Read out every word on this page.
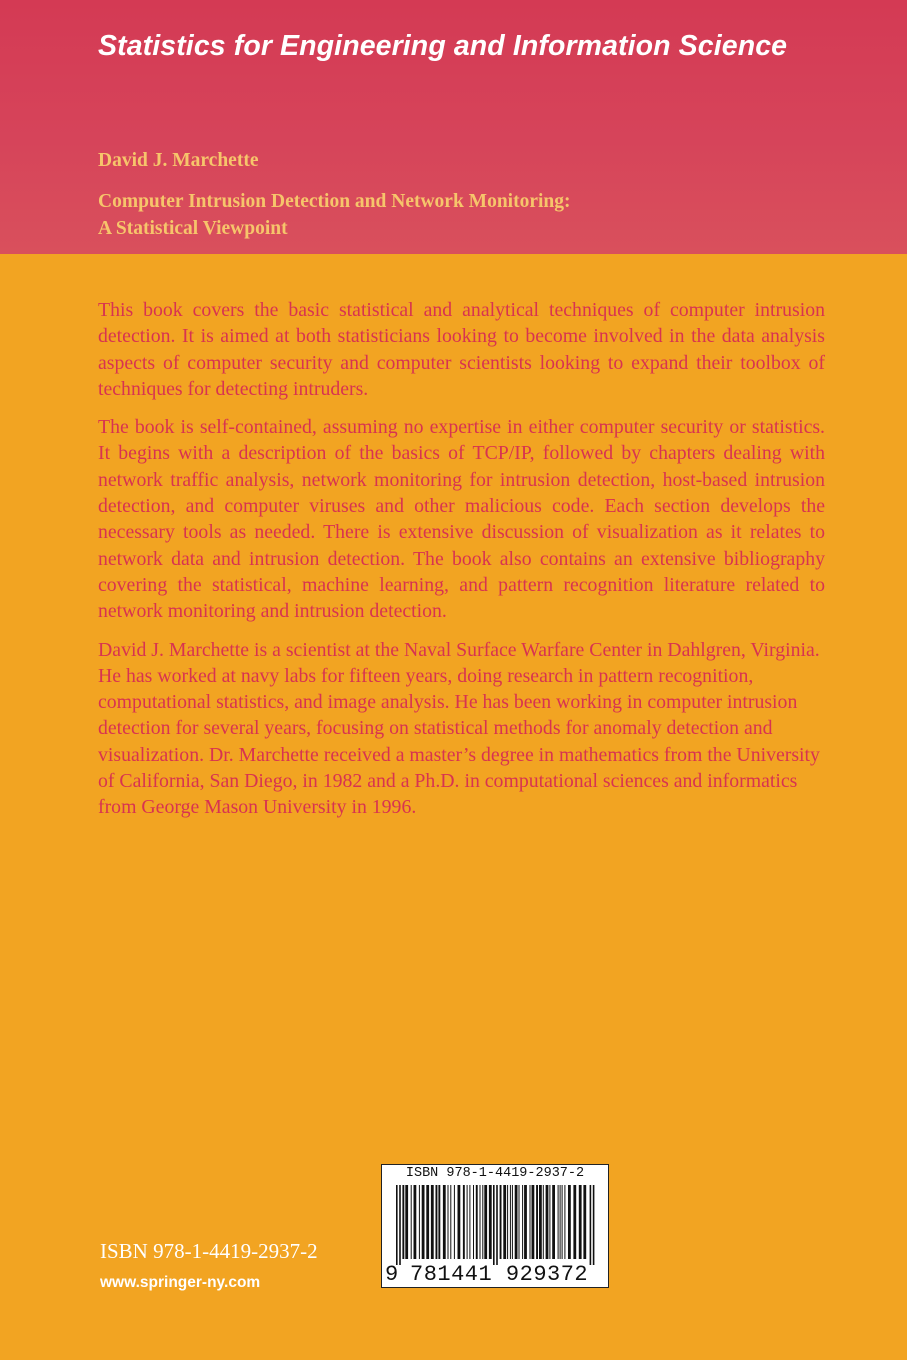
Statistics for Engineering and Information Science
David J. Marchette
Computer Intrusion Detection and Network Monitoring:
A Statistical Viewpoint

This book covers the basic statistical and analytical techniques of computer intrusion detection. It is aimed at both statisticians looking to become involved in the data analysis aspects of computer security and computer scientists looking to expand their toolbox of techniques for detecting intruders.

The book is self-contained, assuming no expertise in either computer security or statistics. It begins with a description of the basics of TCP/IP, followed by chapters dealing with network traffic analysis, network monitoring for intrusion detection, host-based intrusion detection, and computer viruses and other malicious code. Each section develops the necessary tools as needed. There is extensive discussion of visualization as it relates to network data and intrusion detection. The book also contains an extensive bibliography covering the statistical, machine learning, and pattern recognition literature related to network monitoring and intrusion detection.

David J. Marchette is a scientist at the Naval Surface Warfare Center in Dahlgren, Virginia. He has worked at navy labs for fifteen years, doing research in pattern recognition, computational statistics, and image analysis. He has been working in computer intrusion detection for several years, focusing on statistical methods for anomaly detection and visualization. Dr. Marchette received a master’s degree in mathematics from the University of California, San Diego, in 1982 and a Ph.D. in computational sciences and informatics from George Mason University in 1996.

ISBN 978-1-4419-2937-2
www.springer-ny.com
ISBN 978-1-4419-2937-2
9 781441 929372
